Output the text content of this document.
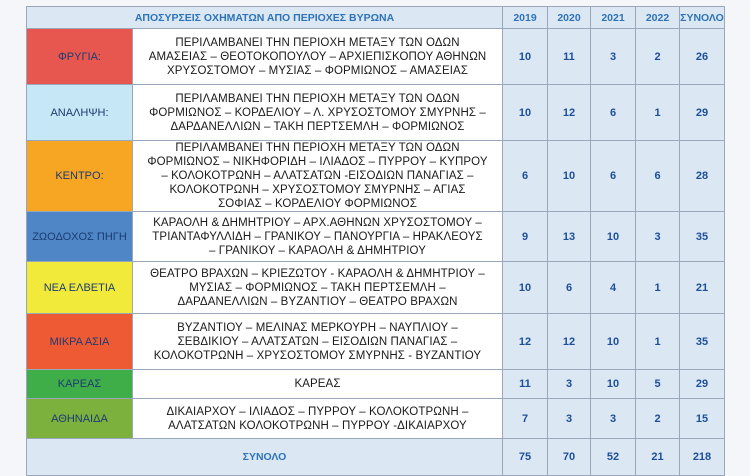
ΑΠΟΣΥΡΣΕΙΣ ΟΧΗΜΑΤΩΝ ΑΠΟ ΠΕΡΙΟΧΕΣ ΒΥΡΩΝΑ		2019	2020	2021	2022	ΣΥΝΟΛΟ
ΦΡΥΓΙΑ:	ΠΕΡΙΛΑΜΒΑΝΕΙ ΤΗΝ ΠΕΡΙΟΧΗ ΜΕΤΑΞΥ ΤΩΝ ΟΔΩΝ
ΑΜΑΣΕΙΑΣ – ΘΕΟΤΟΚΟΠΟΥΛΟΥ – ΑΡΧΙΕΠΙΣΚΟΠΟΥ ΑΘΗΝΩΝ
ΧΡΥΣΟΣΤΟΜΟΥ – ΜΥΣΙΑΣ – ΦΟΡΜΙΩΝΟΣ – ΑΜΑΣΕΙΑΣ	10	11	3	2	26
ΑΝΑΛΗΨΗ:	ΠΕΡΙΛΑΜΒΑΝΕΙ ΤΗΝ ΠΕΡΙΟΧΗ ΜΕΤΑΞΥ ΤΩΝ ΟΔΩΝ
ΦΟΡΜΙΩΝΟΣ – ΚΟΡΔΕΛΙΟΥ – Λ. ΧΡΥΣΟΣΤΟΜΟΥ ΣΜΥΡΝΗΣ –
ΔΑΡΔΑΝΕΛΛΙΩΝ – ΤΑΚΗ ΠΕΡΤΣΕΜΛΗ – ΦΟΡΜΙΩΝΟΣ	10	12	6	1	29
ΚΕΝΤΡΟ:	ΠΕΡΙΛΑΜΒΑΝΕΙ ΤΗΝ ΠΕΡΙΟΧΗ ΜΕΤΑΞΥ ΤΩΝ ΟΔΩΝ
ΦΟΡΜΙΩΝΟΣ – ΝΙΚΗΦΟΡΙΔΗ – ΙΛΙΑΔΟΣ – ΠΥΡΡΟΥ – ΚΥΠΡΟΥ
– ΚΟΛΟΚΟΤΡΩΝΗ – ΑΛΑΤΣΑΤΩΝ -ΕΙΣΟΔΙΩΝ ΠΑΝΑΓΙΑΣ –
ΚΟΛΟΚΟΤΡΩΝΗ – ΧΡΥΣΟΣΤΟΜΟΥ ΣΜΥΡΝΗΣ – ΑΓΙΑΣ
ΣΟΦΙΑΣ – ΚΟΡΔΕΛΙΟΥ ΦΟΡΜΙΩΝΟΣ	6	10	6	6	28
ΖΩΟΔΟΧΟΣ ΠΗΓΗ	ΚΑΡΑΟΛΗ & ΔΗΜΗΤΡΙΟΥ – ΑΡΧ.ΑΘΗΝΩΝ ΧΡΥΣΟΣΤΟΜΟΥ –
ΤΡΙΑΝΤΑΦΥΛΛΙΔΗ – ΓΡΑΝΙΚΟΥ – ΠΑΝΟΥΡΓΙΑ – ΗΡΑΚΛΕΟΥΣ
– ΓΡΑΝΙΚΟΥ – ΚΑΡΑΟΛΗ & ΔΗΜΗΤΡΙΟΥ	9	13	10	3	35
ΝΕΑ ΕΛΒΕΤΙΑ	ΘΕΑΤΡΟ ΒΡΑΧΩΝ – ΚΡΙΕΖΩΤΟΥ - ΚΑΡΑΟΛΗ & ΔΗΜΗΤΡΙΟΥ –
ΜΥΣΙΑΣ – ΦΟΡΜΙΩΝΟΣ – ΤΑΚΗ ΠΕΡΤΣΕΜΛΗ –
ΔΑΡΔΑΝΕΛΛΙΩΝ – ΒΥΖΑΝΤΙΟΥ – ΘΕΑΤΡΟ ΒΡΑΧΩΝ	10	6	4	1	21
ΜΙΚΡΑ ΑΣΙΑ	ΒΥΖΑΝΤΙΟΥ – ΜΕΛΙΝΑΣ ΜΕΡΚΟΥΡΗ – ΝΑΥΠΛΙΟΥ –
ΣΕΒΔΙΚΙΟΥ – ΑΛΑΤΣΑΤΩΝ – ΕΙΣΟΔΙΩΝ ΠΑΝΑΓΙΑΣ –
ΚΟΛΟΚΟΤΡΩΝΗ – ΧΡΥΣΟΣΤΟΜΟΥ ΣΜΥΡΝΗΣ - ΒΥΖΑΝΤΙΟΥ	12	12	10	1	35
ΚΑΡΕΑΣ	ΚΑΡΕΑΣ	11	3	10	5	29
ΑΘΗΝΑΙΔΑ	ΔΙΚΑΙΑΡΧΟΥ – ΙΛΙΑΔΟΣ – ΠΥΡΡΟΥ – ΚΟΛΟΚΟΤΡΩΝΗ –
ΑΛΑΤΣΑΤΩΝ ΚΟΛΟΚΟΤΡΩΝΗ – ΠΥΡΡΟΥ -ΔΙΚΑΙΑΡΧΟΥ	7	3	3	2	15
ΣΥΝΟΛΟ		75	70	52	21	218
